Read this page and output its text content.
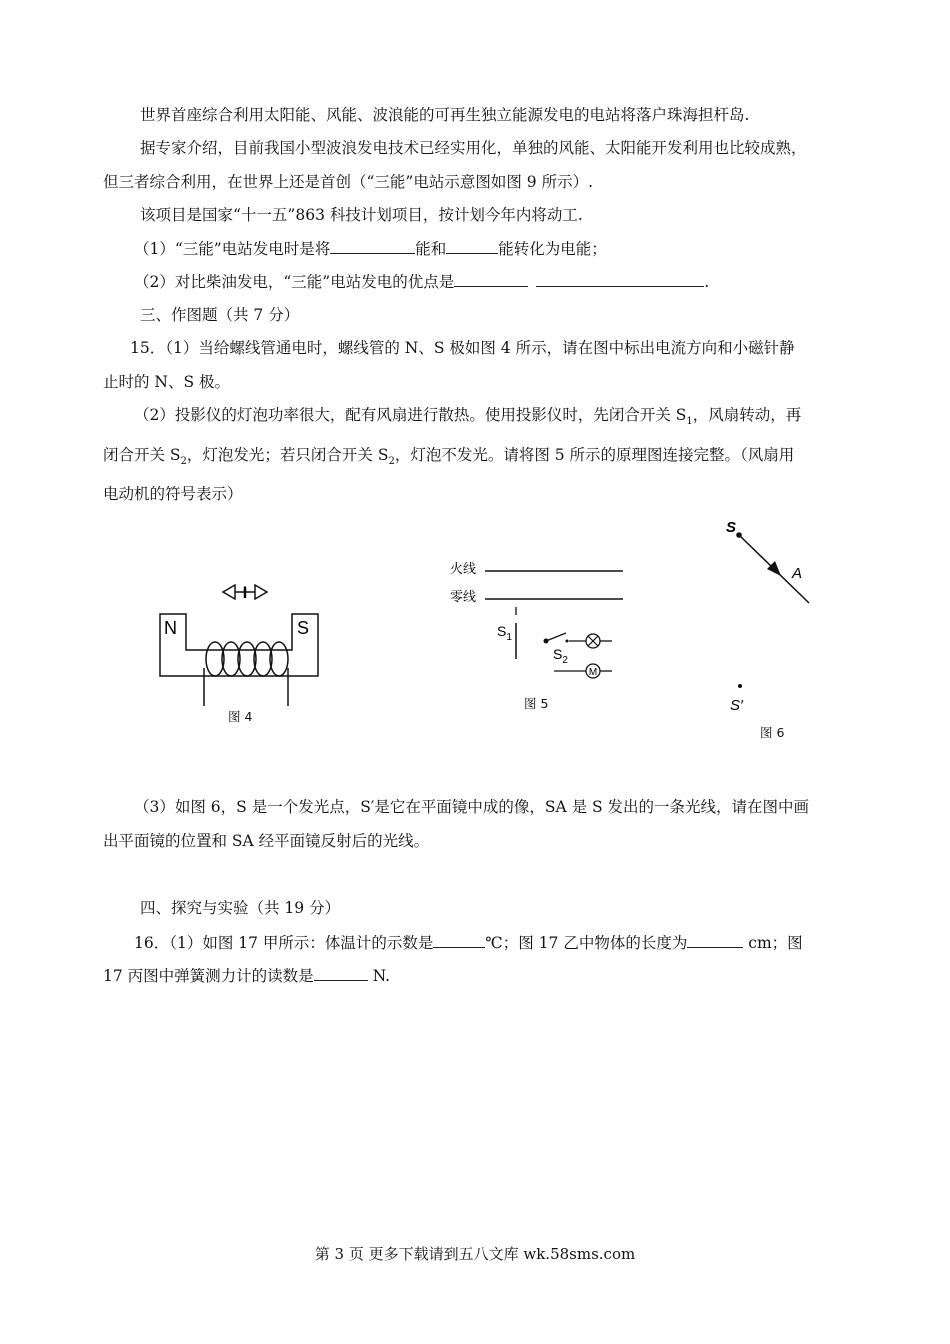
世界首座综合利用太阳能、风能、波浪能的可再生独立能源发电的电站将落户珠海担杆岛.
据专家介绍，目前我国小型波浪发电技术已经实用化，单独的风能、太阳能开发利用也比较成熟，
但三者综合利用，在世界上还是首创（“三能”电站示意图如图 9 所示）.
该项目是国家“十一五”863 科技计划项目，按计划今年内将动工.
（1）“三能”电站发电时是将	能和	能转化为电能；
（2）对比柴油发电，“三能”电站发电的优点是	.
三、作图题（共 7 分）
15．（1）当给螺线管通电时，螺线管的 N、S 极如图 4 所示，请在图中标出电流方向和小磁针静
止时的 N、S 极。
（2）投影仪的灯泡功率很大，配有风扇进行散热。使用投影仪时，先闭合开关 $S_1$，风扇转动，再
闭合开关 $S_2$，灯泡发光；若只闭合开关 $S_2$，灯泡不发光。请将图 5 所示的原理图连接完整。（风扇用
电动机的符号表示）
I
N	S
图 4
火线
零线
$S_1$
$S_2$
M
图 5
S
A
S′
图 6
（3）如图 6，S 是一个发光点，S′是它在平面镜中成的像，SA 是 S 发出的一条光线，请在图中画
出平面镜的位置和 SA 经平面镜反射后的光线。
四、探究与实验（共 19 分）
16．（1）如图 17 甲所示：体温计的示数是	℃；图 17 乙中物体的长度为	cm；图
17 丙图中弹簧测力计的读数是	N.
第 3 页 更多下载请到五八文库 wk.58sms.com
